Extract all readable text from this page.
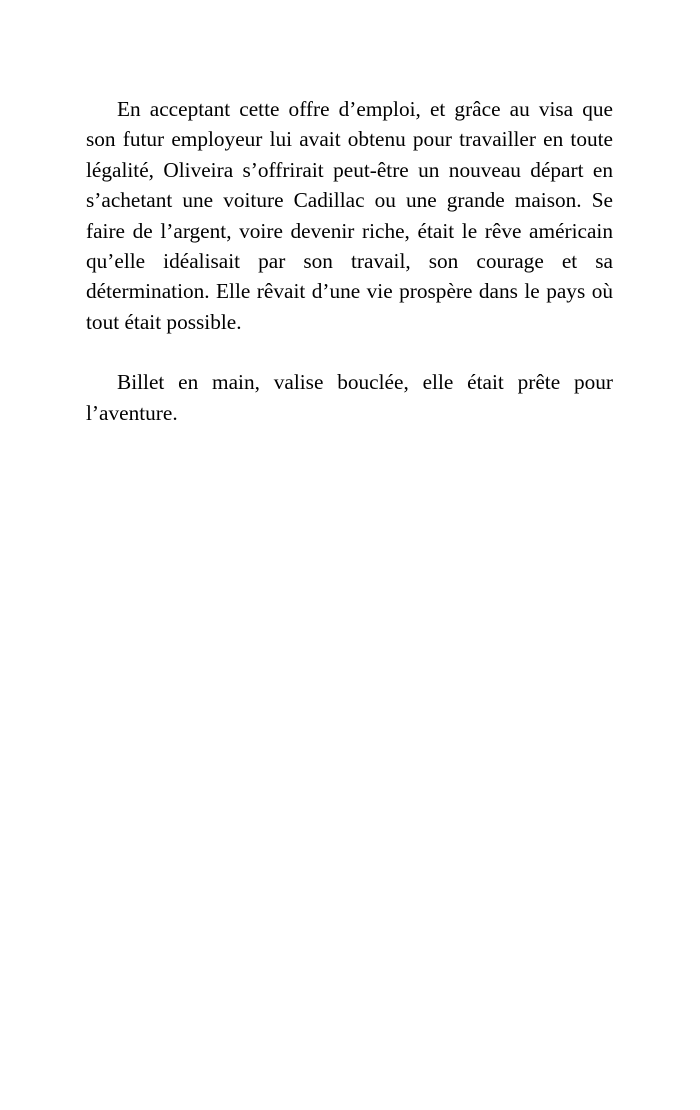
En acceptant cette offre d’emploi, et grâce au visa que son futur employeur lui avait obtenu pour travailler en toute légalité, Oliveira s’offrirait peut-être un nouveau départ en s’achetant une voiture Cadillac ou une grande maison. Se faire de l’argent, voire devenir riche, était le rêve américain qu’elle idéalisait par son travail, son courage et sa détermination. Elle rêvait d’une vie prospère dans le pays où tout était possible.

Billet en main, valise bouclée, elle était prête pour l’aventure.
